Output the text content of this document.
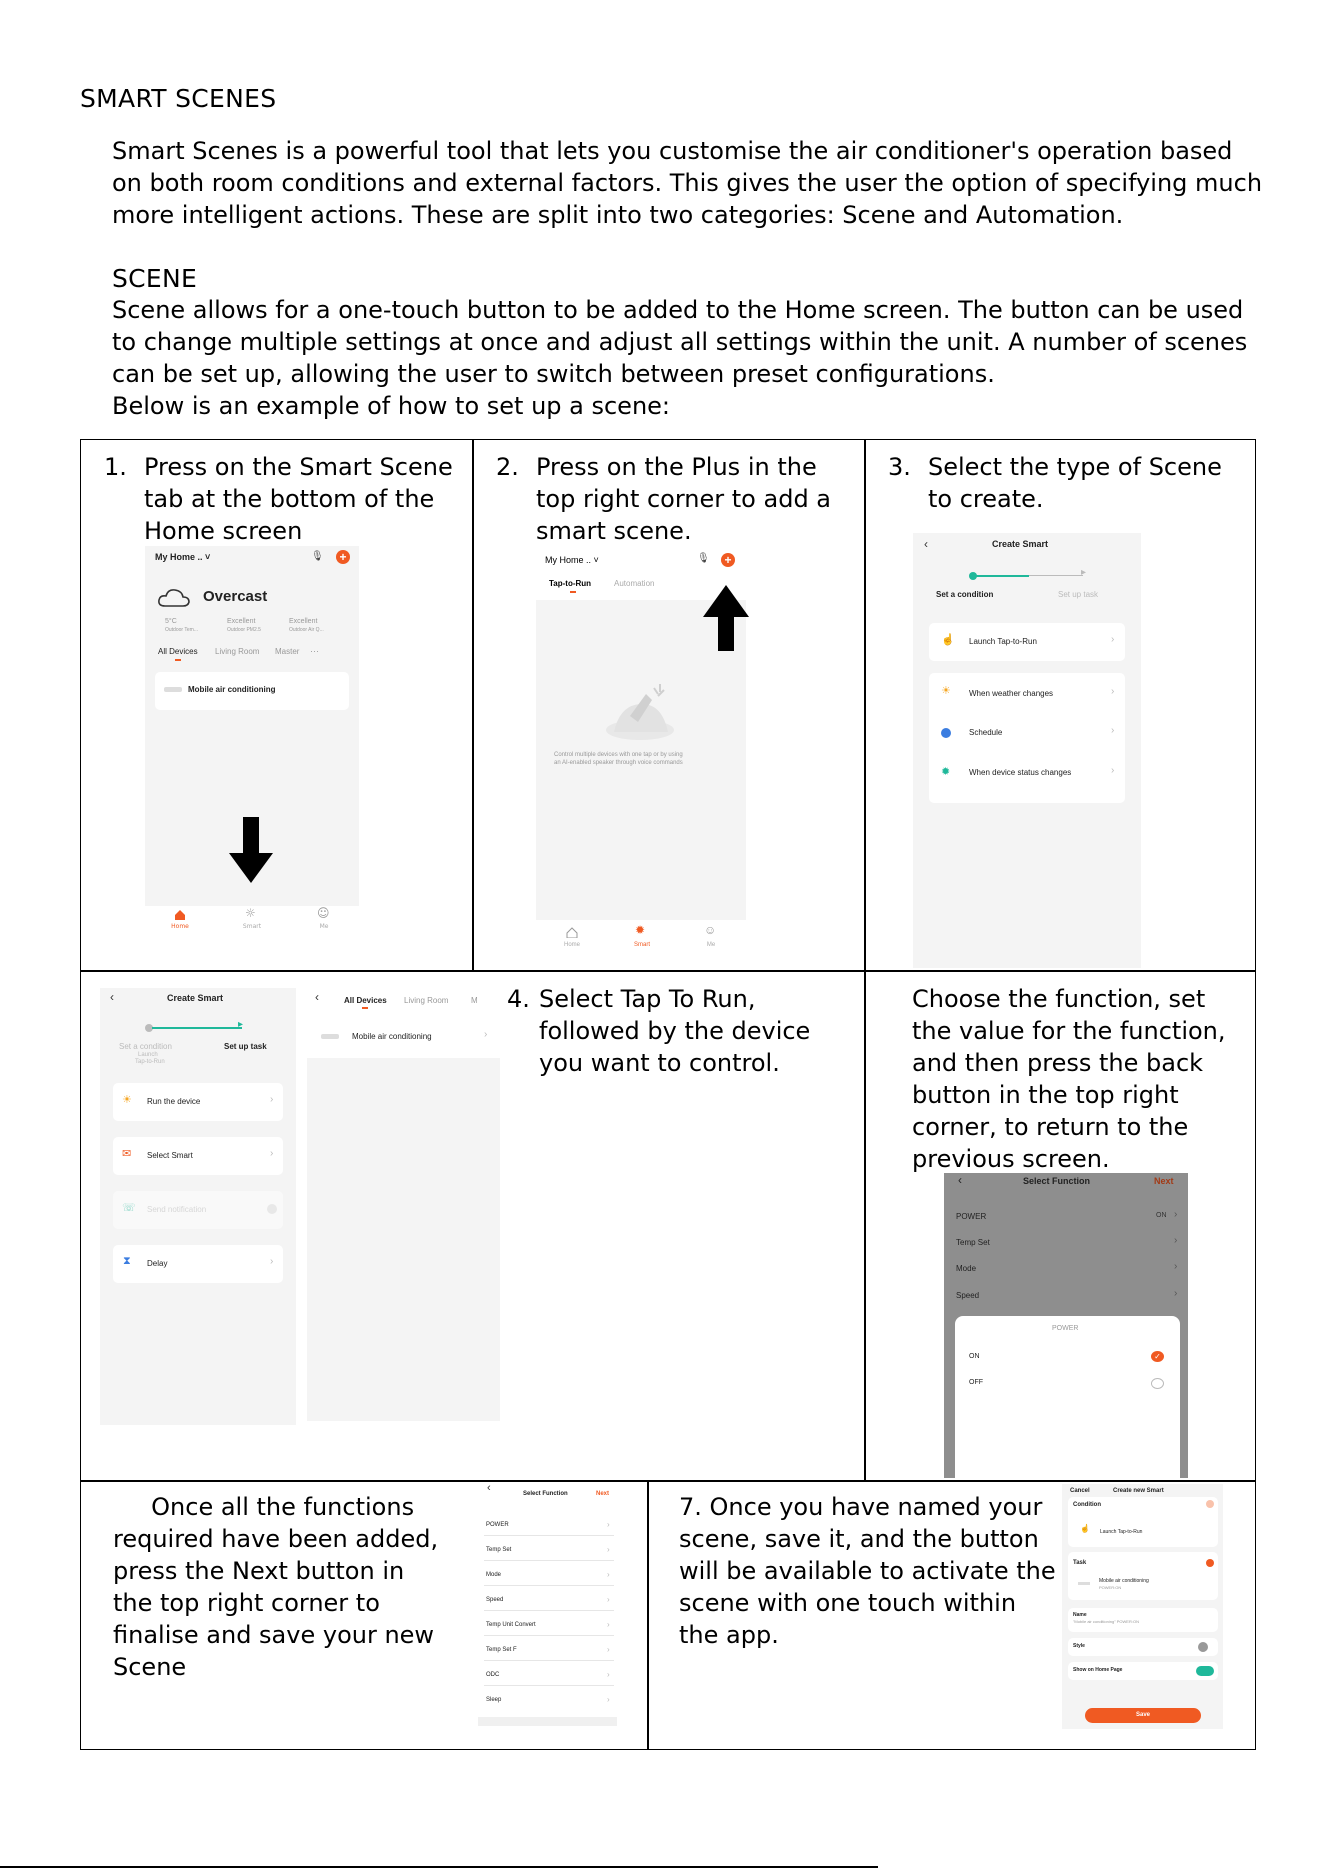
SMART SCENES
Smart Scenes is a powerful tool that lets you customise the air conditioner's operation based
on both room conditions and external factors. This gives the user the option of specifying much
more intelligent actions. These are split into two categories: Scene and Automation.
SCENE
Scene allows for a one-touch button to be added to the Home screen. The button can be used
to change multiple settings at once and adjust all settings within the unit. A number of scenes
can be set up, allowing the user to switch between preset configurations.
Below is an example of how to set up a scene:
1. Press on the Smart Scene
tab at the bottom of the
Home screen
2. Press on the Plus in the
top right corner to add a
smart scene.
3. Select the type of Scene
to create.
4. Select Tap To Run,
followed by the device
you want to control.
Choose the function, set
the value for the function,
and then press the back
button in the top right
corner, to return to the
previous screen.
Once all the functions
required have been added,
press the Next button in
the top right corner to
finalise and save your new
Scene
7. Once you have named your
scene, save it, and the button
will be available to activate the
scene with one touch within
the app.
My Home .. ˅	🎙 +
Overcast
5°C
Outdoor Tem...
Excellent
Outdoor PM2.5
Excellent
Outdoor Air Q...
All Devices Living Room Master ···
Mobile air conditioning
Home
☼
Smart
☺
Me
My Home .. ˅	🎙 +
Tap-to-Run	Automation
Control multiple devices with one tap or by using
an AI-enabled speaker through voice commands
Home
✹
Smart
☺
Me
‹	Create Smart
▸
Set a condition	Set up task
☝ Launch Tap-to-Run	›
☀ When weather changes	›
Schedule	›
✹ When device status changes	›
‹	Create Smart
▸
Set a condition
Launch
Tap-to-Run
Set up task
☀ Run the device	›
✉ Select Smart	›
☏ Send notification
⧗ Delay	›
‹	All Devices Living Room	M
Mobile air conditioning	›
‹	Select Function	Next
POWER	ON ›
Temp Set	›
Mode	›
Speed	›
POWER
ON	✓
OFF
‹	Select Function	Next
POWER	›
Temp Set	›
Mode	›
Speed	›
Temp Unit Convert	›
Temp Set F	›
ODC	›
Sleep	›
Cancel	Create new Smart
Condition
☝ Launch Tap-to-Run
Task
Mobile air conditioning
POWER:ON
Name
"Mobile air conditioning" POWER:ON
Style
Show on Home Page
Save
